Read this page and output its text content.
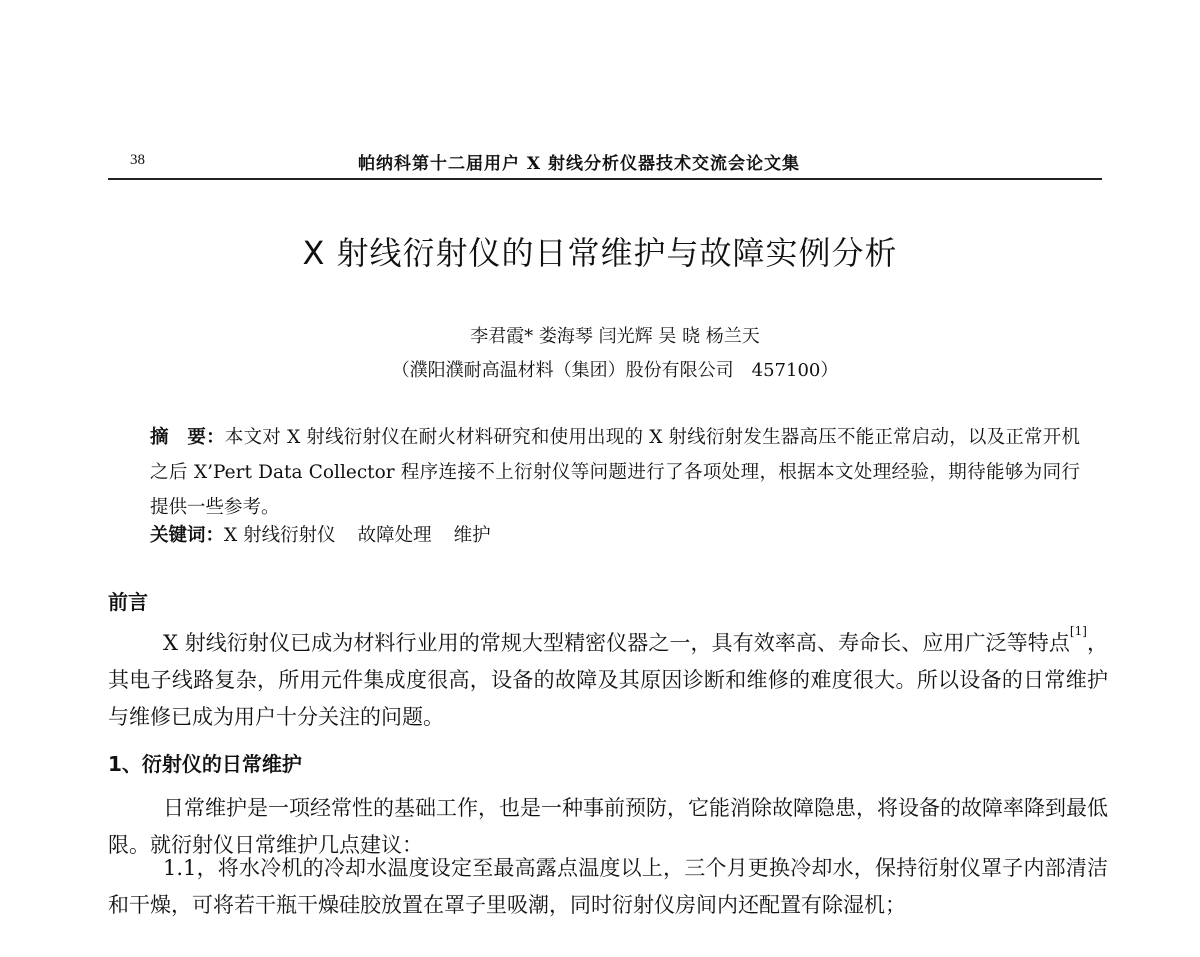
38	帕纳科第十二届用户 X 射线分析仪器技术交流会论文集
X 射线衍射仪的日常维护与故障实例分析
李君霞* 娄海琴 闫光辉 吴 晓 杨兰天
（濮阳濮耐高温材料（集团）股份有限公司　457100）
摘　要：本文对 X 射线衍射仪在耐火材料研究和使用出现的 X 射线衍射发生器高压不能正常启动，以及正常开机之后 X’Pert Data Collector 程序连接不上衍射仪等问题进行了各项处理，根据本文处理经验，期待能够为同行提供一些参考。
关键词：X 射线衍射仪 故障处理 维护
前言
X 射线衍射仪已成为材料行业用的常规大型精密仪器之一，具有效率高、寿命长、应用广泛等特点[1]，其电子线路复杂，所用元件集成度很高，设备的故障及其原因诊断和维修的难度很大。所以设备的日常维护与维修已成为用户十分关注的问题。
1、衍射仪的日常维护
日常维护是一项经常性的基础工作，也是一种事前预防，它能消除故障隐患，将设备的故障率降到最低限。就衍射仪日常维护几点建议：
1.1，将水冷机的冷却水温度设定至最高露点温度以上，三个月更换冷却水，保持衍射仪罩子内部清洁和干燥，可将若干瓶干燥硅胶放置在罩子里吸潮，同时衍射仪房间内还配置有除湿机；
